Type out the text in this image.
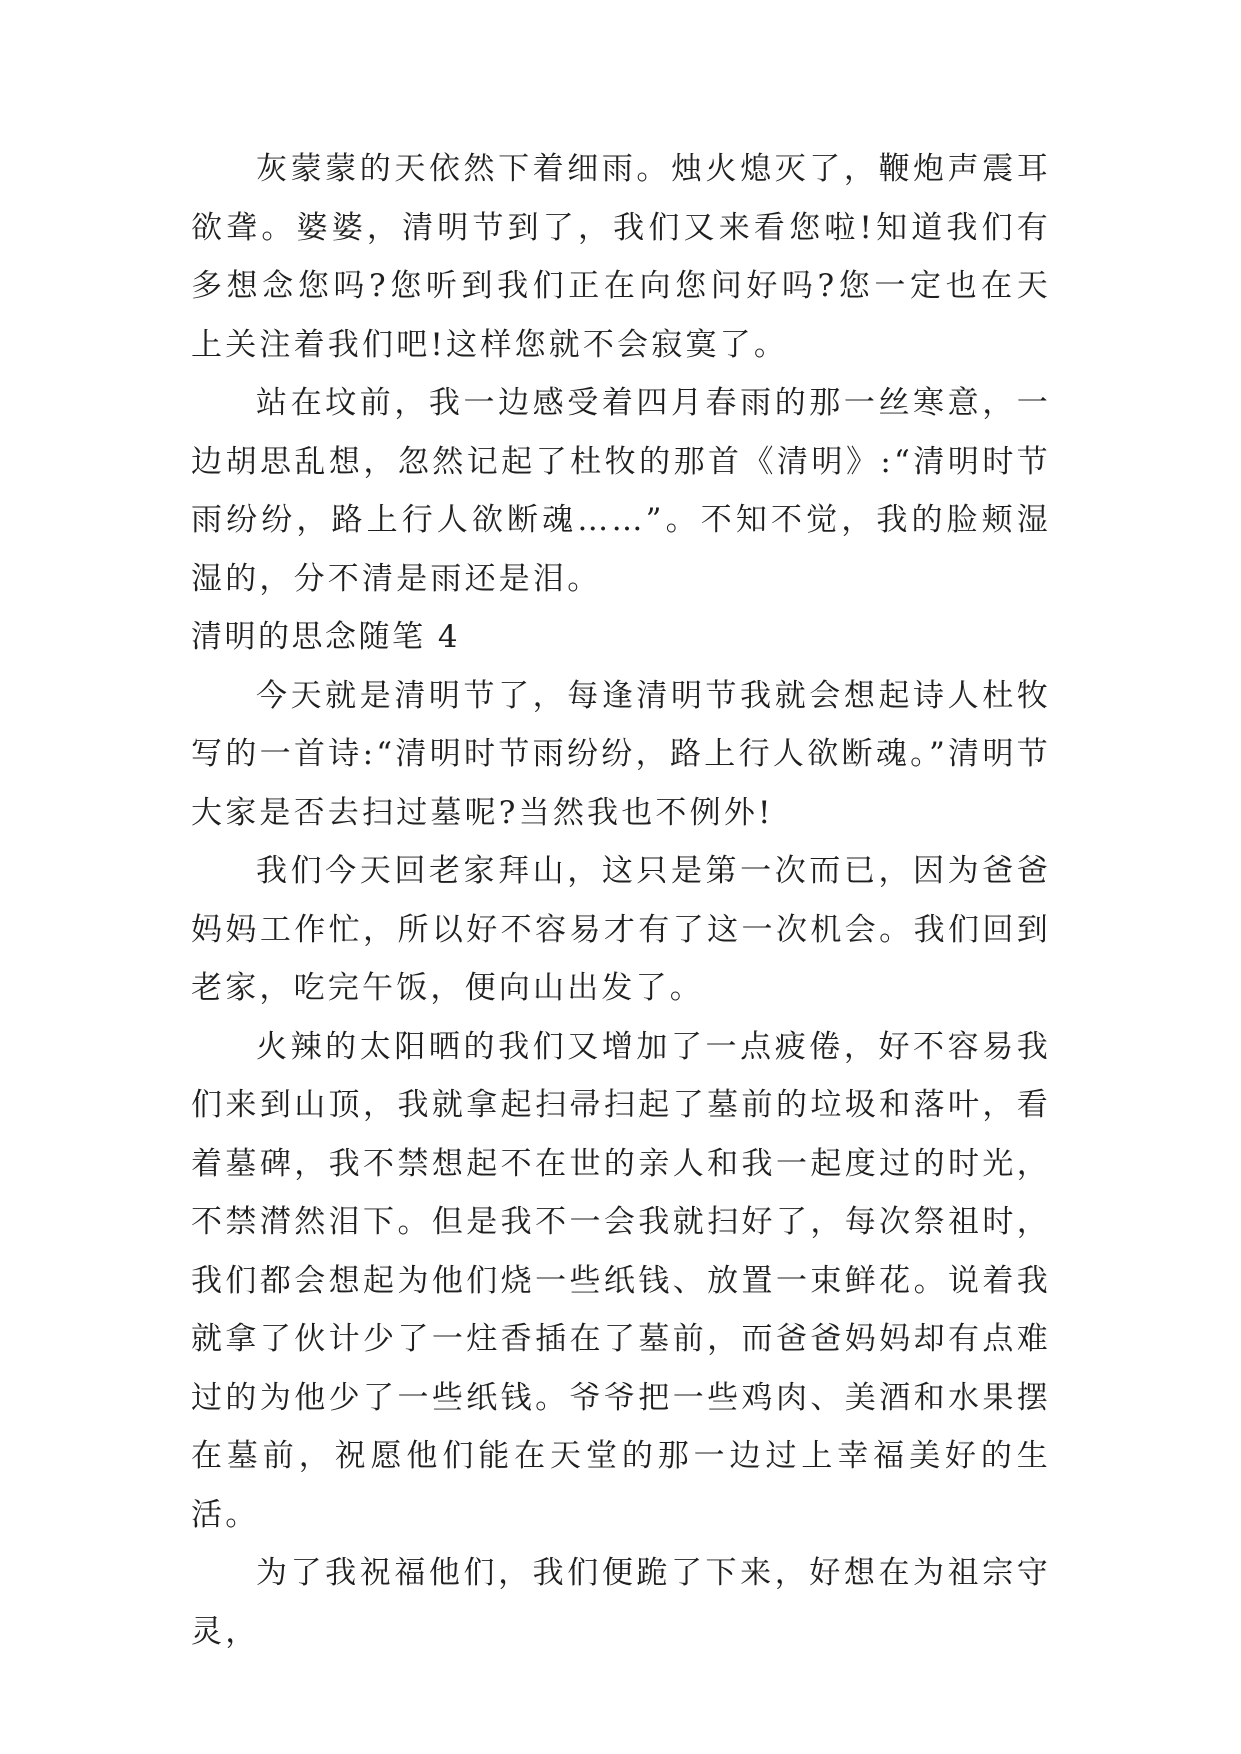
灰蒙蒙的天依然下着细雨。烛火熄灭了，鞭炮声震耳欲聋。婆婆，清明节到了，我们又来看您啦!知道我们有多想念您吗?您听到我们正在向您问好吗?您一定也在天上关注着我们吧!这样您就不会寂寞了。

站在坟前，我一边感受着四月春雨的那一丝寒意，一边胡思乱想，忽然记起了杜牧的那首《清明》:“清明时节雨纷纷，路上行人欲断魂……”。不知不觉，我的脸颊湿湿的，分不清是雨还是泪。

清明的思念随笔 4

今天就是清明节了，每逢清明节我就会想起诗人杜牧写的一首诗:“清明时节雨纷纷，路上行人欲断魂。”清明节大家是否去扫过墓呢?当然我也不例外!

我们今天回老家拜山，这只是第一次而已，因为爸爸妈妈工作忙，所以好不容易才有了这一次机会。我们回到老家，吃完午饭，便向山出发了。

火辣的太阳晒的我们又增加了一点疲倦，好不容易我们来到山顶，我就拿起扫帚扫起了墓前的垃圾和落叶，看着墓碑，我不禁想起不在世的亲人和我一起度过的时光，不禁潸然泪下。但是我不一会我就扫好了，每次祭祖时，我们都会想起为他们烧一些纸钱、放置一束鲜花。说着我就拿了伙计少了一炷香插在了墓前，而爸爸妈妈却有点难过的为他少了一些纸钱。爷爷把一些鸡肉、美酒和水果摆在墓前，祝愿他们能在天堂的那一边过上幸福美好的生活。

为了我祝福他们，我们便跪了下来，好想在为祖宗守灵，
